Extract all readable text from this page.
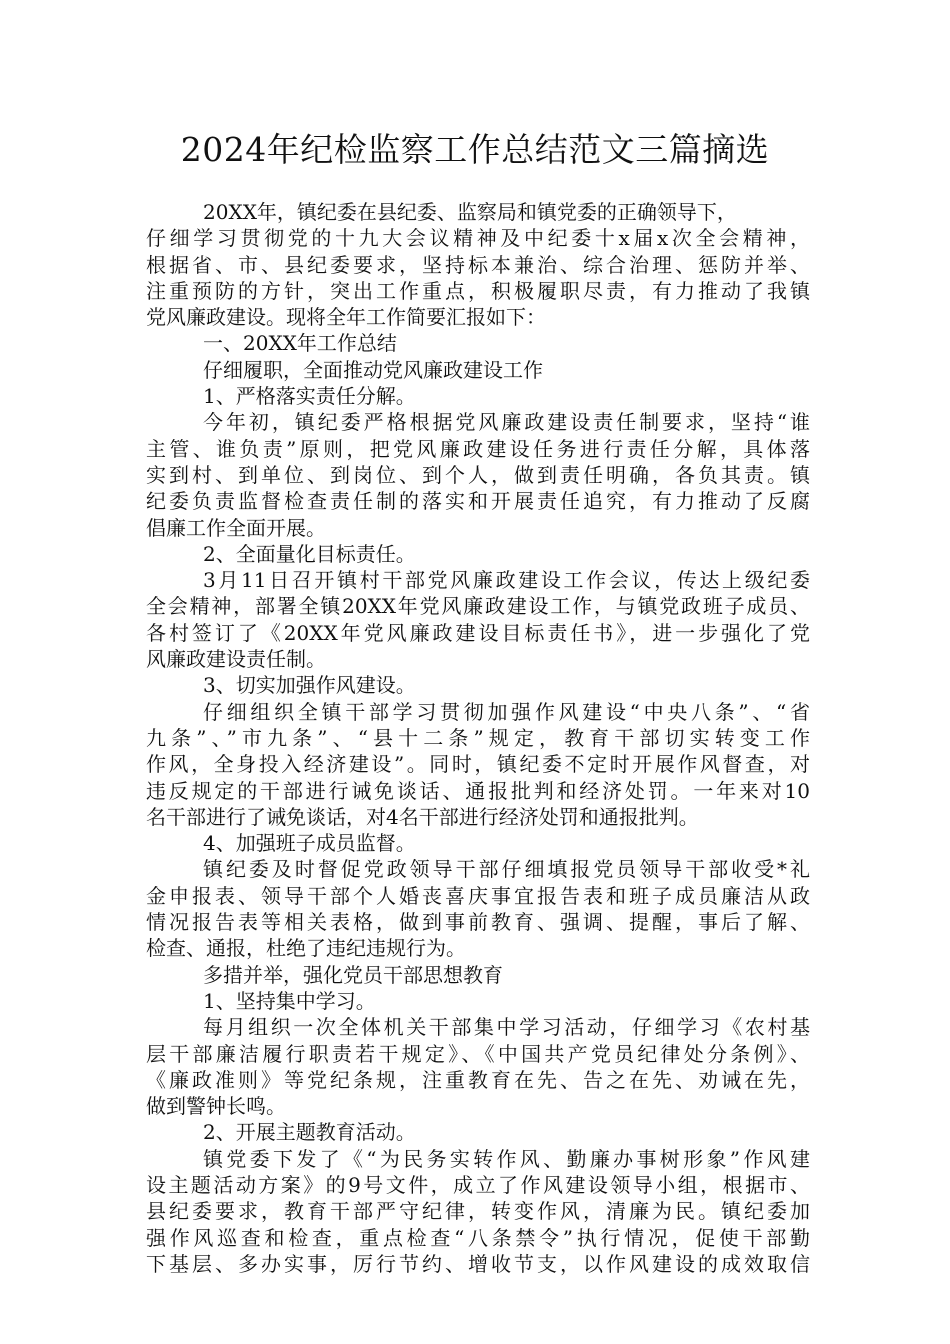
2024年纪检监察工作总结范文三篇摘选
20XX年，镇纪委在县纪委、监察局和镇党委的正确领导下，
仔细学习贯彻党的十九大会议精神及中纪委十x届x次全会精神，
根据省、市、县纪委要求，坚持标本兼治、综合治理、惩防并举、
注重预防的方针，突出工作重点，积极履职尽责，有力推动了我镇
党风廉政建设。现将全年工作简要汇报如下：
一、20XX年工作总结
仔细履职，全面推动党风廉政建设工作
1、严格落实责任分解。
今年初，镇纪委严格根据党风廉政建设责任制要求，坚持“谁
主管、谁负责”原则，把党风廉政建设任务进行责任分解，具体落
实到村、到单位、到岗位、到个人，做到责任明确，各负其责。镇
纪委负责监督检查责任制的落实和开展责任追究，有力推动了反腐
倡廉工作全面开展。
2、全面量化目标责任。
3月11日召开镇村干部党风廉政建设工作会议，传达上级纪委
全会精神，部署全镇20XX年党风廉政建设工作，与镇党政班子成员、
各村签订了《20XX年党风廉政建设目标责任书》，进一步强化了党
风廉政建设责任制。
3、切实加强作风建设。
仔细组织全镇干部学习贯彻加强作风建设“中央八条”、“省
九条”、”市九条”、“县十二条”规定，教育干部切实转变工作
作风，全身投入经济建设”。同时，镇纪委不定时开展作风督查，对
违反规定的干部进行诫免谈话、通报批判和经济处罚。一年来对10
名干部进行了诫免谈话，对4名干部进行经济处罚和通报批判。
4、加强班子成员监督。
镇纪委及时督促党政领导干部仔细填报党员领导干部收受*礼
金申报表、领导干部个人婚丧喜庆事宜报告表和班子成员廉洁从政
情况报告表等相关表格，做到事前教育、强调、提醒，事后了解、
检查、通报，杜绝了违纪违规行为。
多措并举，强化党员干部思想教育
1、坚持集中学习。
每月组织一次全体机关干部集中学习活动，仔细学习《农村基
层干部廉洁履行职责若干规定》、《中国共产党员纪律处分条例》、
《廉政准则》等党纪条规，注重教育在先、告之在先、劝诫在先，
做到警钟长鸣。
2、开展主题教育活动。
镇党委下发了《“为民务实转作风、勤廉办事树形象”作风建
设主题活动方案》的9号文件，成立了作风建设领导小组，根据市、
县纪委要求，教育干部严守纪律，转变作风，清廉为民。镇纪委加
强作风巡查和检查，重点检查“八条禁令”执行情况，促使干部勤
下基层、多办实事，厉行节约、增收节支，以作风建设的成效取信
